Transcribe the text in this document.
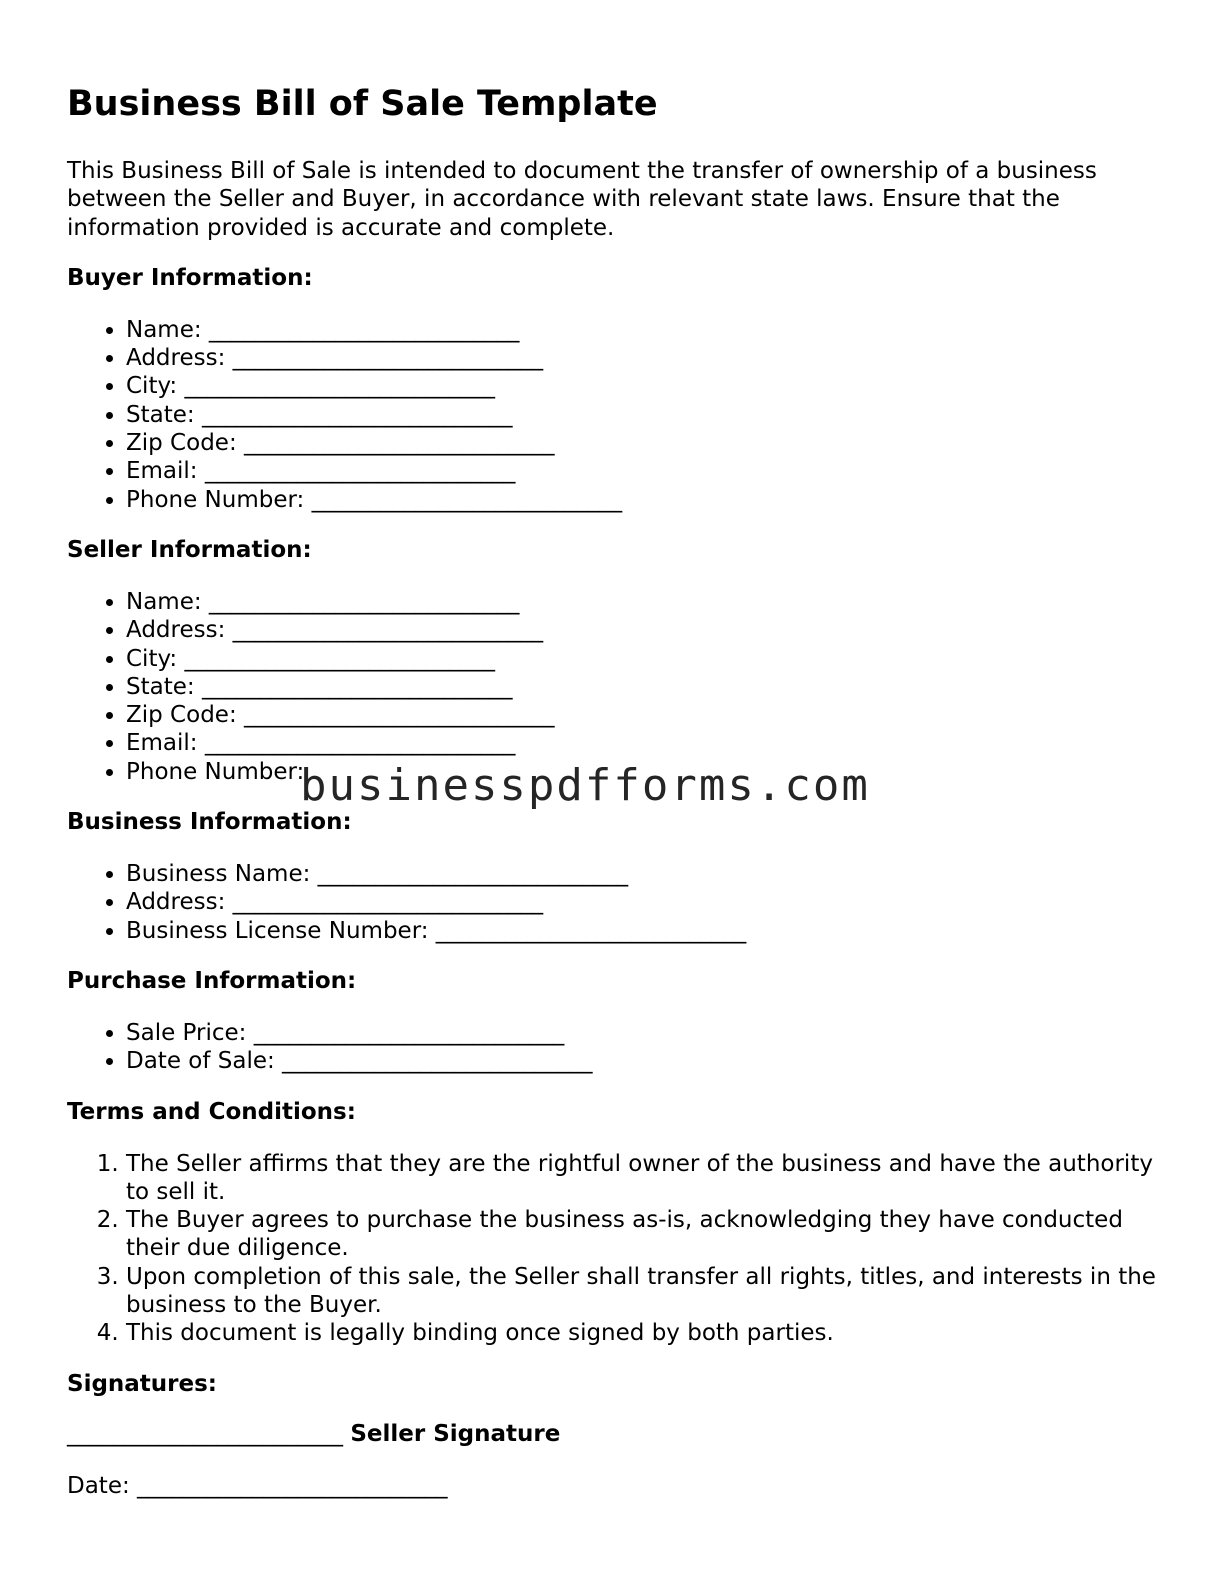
Business Bill of Sale Template

This Business Bill of Sale is intended to document the transfer of ownership of a business between the Seller and Buyer, in accordance with relevant state laws. Ensure that the information provided is accurate and complete.

Buyer Information:
• Name: ___________________________
• Address: ___________________________
• City: ___________________________
• State: ___________________________
• Zip Code: ___________________________
• Email: ___________________________
• Phone Number: ___________________________
Seller Information:
• Name: ___________________________
• Address: ___________________________
• City: ___________________________
• State: ___________________________
• Zip Code: ___________________________
• Email: ___________________________
• Phone Number:
Business Information:
• Business Name: ___________________________
• Address: ___________________________
• Business License Number: ___________________________
Purchase Information:
• Sale Price: ___________________________
• Date of Sale: ___________________________
Terms and Conditions:
1. The Seller affirms that they are the rightful owner of the business and have the authority to sell it.
2. The Buyer agrees to purchase the business as-is, acknowledging they have conducted their due diligence.
3. Upon completion of this sale, the Seller shall transfer all rights, titles, and interests in the business to the Buyer.
4. This document is legally binding once signed by both parties.
Signatures:
________________________ Seller Signature
Date: ___________________________
businesspdfforms.com
